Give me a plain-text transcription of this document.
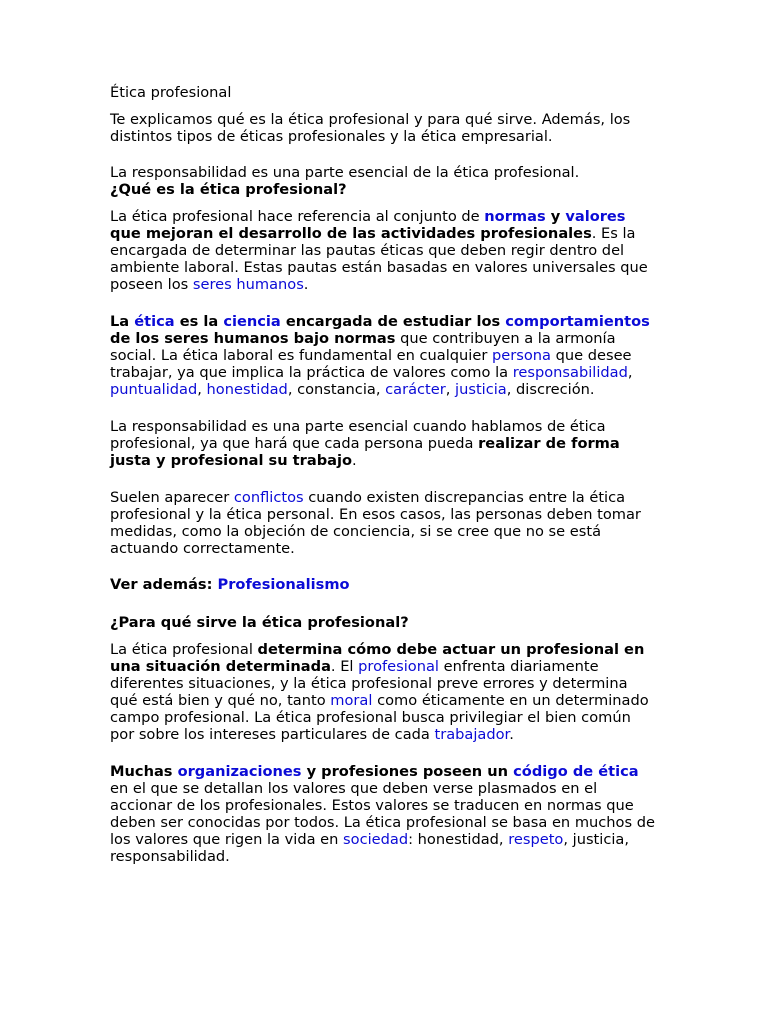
Ética profesional

Te explicamos qué es la ética profesional y para qué sirve. Además, los distintos tipos de éticas profesionales y la ética empresarial.

La responsabilidad es una parte esencial de la ética profesional.

¿Qué es la ética profesional?

La ética profesional hace referencia al conjunto de normas y valores que mejoran el desarrollo de las actividades profesionales. Es la encargada de determinar las pautas éticas que deben regir dentro del ambiente laboral. Estas pautas están basadas en valores universales que poseen los seres humanos.

La ética es la ciencia encargada de estudiar los comportamientos de los seres humanos bajo normas que contribuyen a la armonía social. La ética laboral es fundamental en cualquier persona que desee trabajar, ya que implica la práctica de valores como la responsabilidad, puntualidad, honestidad, constancia, carácter, justicia, discreción.

La responsabilidad es una parte esencial cuando hablamos de ética profesional, ya que hará que cada persona pueda realizar de forma justa y profesional su trabajo.

Suelen aparecer conflictos cuando existen discrepancias entre la ética profesional y la ética personal. En esos casos, las personas deben tomar medidas, como la objeción de conciencia, si se cree que no se está actuando correctamente.

Ver además: Profesionalismo

¿Para qué sirve la ética profesional?

La ética profesional determina cómo debe actuar un profesional en una situación determinada. El profesional enfrenta diariamente diferentes situaciones, y la ética profesional preve errores y determina qué está bien y qué no, tanto moral como éticamente en un determinado campo profesional. La ética profesional busca privilegiar el bien común por sobre los intereses particulares de cada trabajador.

Muchas organizaciones y profesiones poseen un código de ética en el que se detallan los valores que deben verse plasmados en el accionar de los profesionales. Estos valores se traducen en normas que deben ser conocidas por todos. La ética profesional se basa en muchos de los valores que rigen la vida en sociedad: honestidad, respeto, justicia, responsabilidad.
